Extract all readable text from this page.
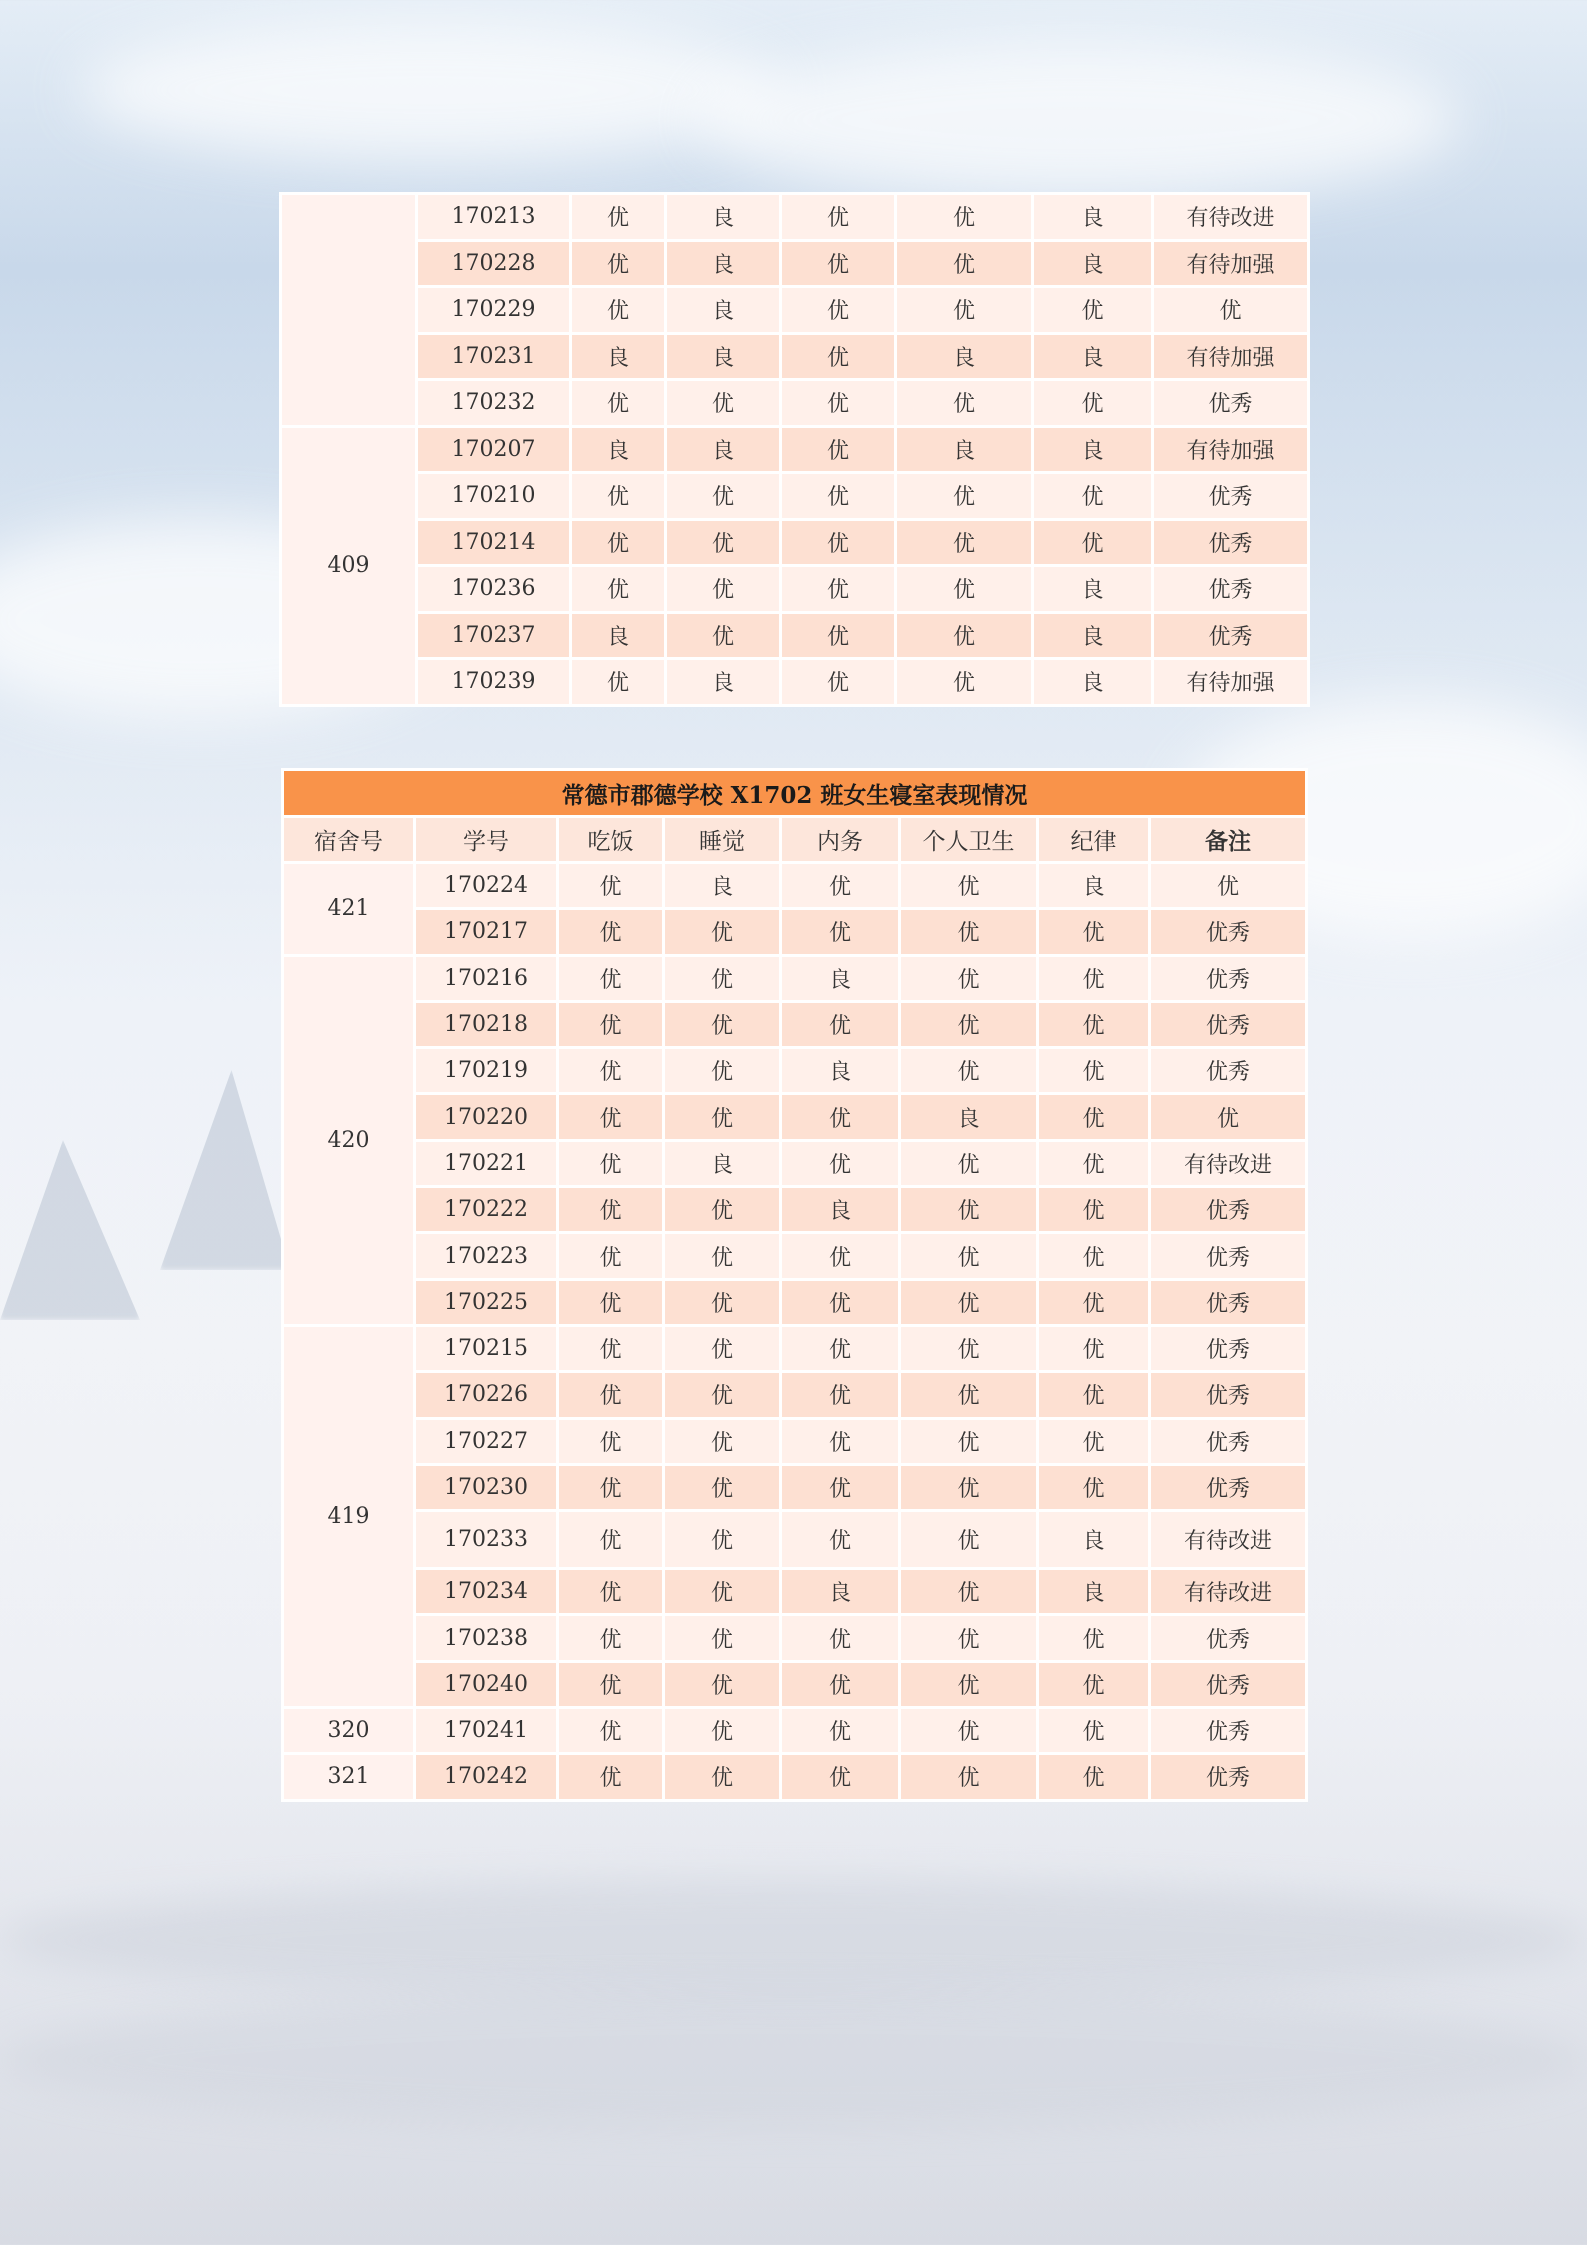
	170213	优	良	优	优	良	有待改进
	170228	优	良	优	优	良	有待加强
	170229	优	良	优	优	优	优
	170231	良	良	优	良	良	有待加强
	170232	优	优	优	优	优	优秀
409	170207	良	良	优	良	良	有待加强
	170210	优	优	优	优	优	优秀
	170214	优	优	优	优	优	优秀
	170236	优	优	优	优	良	优秀
	170237	良	优	优	优	良	优秀
	170239	优	良	优	优	良	有待加强
常德市郡德学校 X1702 班女生寝室表现情况							
宿舍号	学号	吃饭	睡觉	内务	个人卫生	纪律	备注
421	170224	优	良	优	优	良	优
	170217	优	优	优	优	优	优秀
420	170216	优	优	良	优	优	优秀
	170218	优	优	优	优	优	优秀
	170219	优	优	良	优	优	优秀
	170220	优	优	优	良	优	优
	170221	优	良	优	优	优	有待改进
	170222	优	优	良	优	优	优秀
	170223	优	优	优	优	优	优秀
	170225	优	优	优	优	优	优秀
419	170215	优	优	优	优	优	优秀
	170226	优	优	优	优	优	优秀
	170227	优	优	优	优	优	优秀
	170230	优	优	优	优	优	优秀
	170233	优	优	优	优	良	有待改进
	170234	优	优	良	优	良	有待改进
	170238	优	优	优	优	优	优秀
	170240	优	优	优	优	优	优秀
320	170241	优	优	优	优	优	优秀
321	170242	优	优	优	优	优	优秀
